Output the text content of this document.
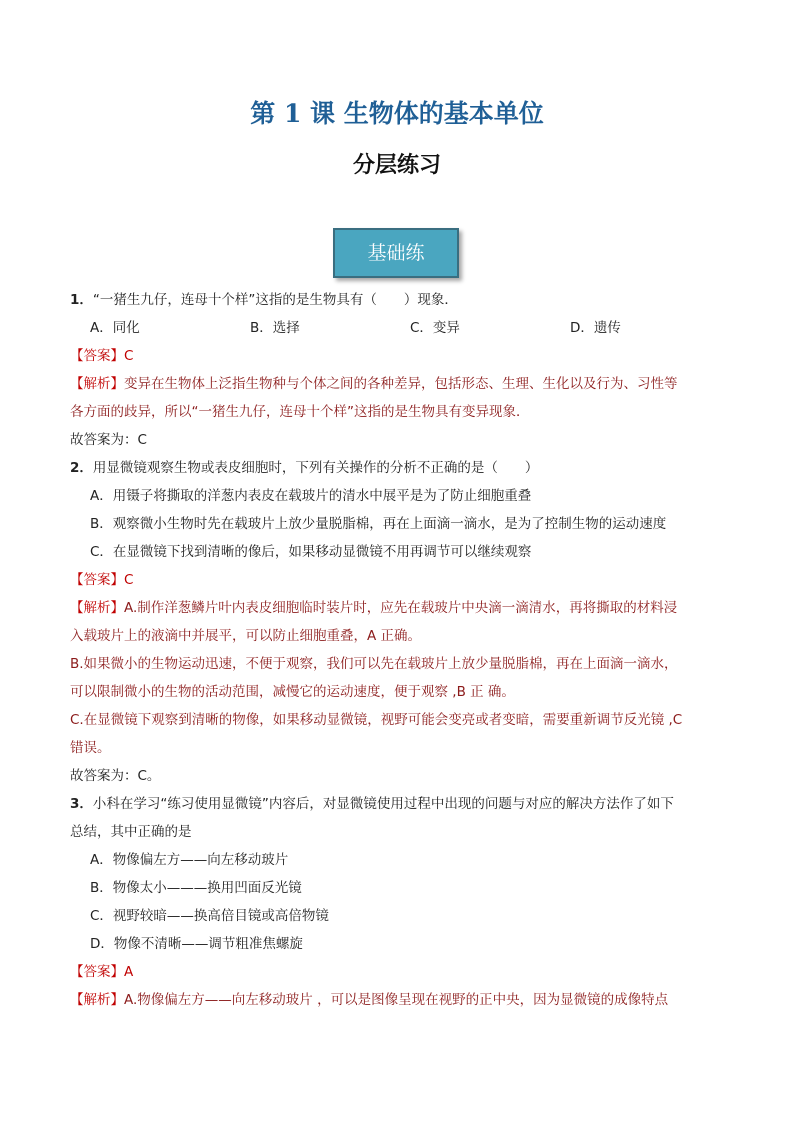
第 1 课 生物体的基本单位
分层练习
基础练
1．“一猪生九仔，连母十个样”这指的是生物具有（　　）现象．
A．同化	B．选择	C．变异	D．遗传
【答案】C
【解析】变异在生物体上泛指生物种与个体之间的各种差异，包括形态、生理、生化以及行为、习性等
各方面的歧异，所以“一猪生九仔，连母十个样”这指的是生物具有变异现象．
故答案为：C
2．用显微镜观察生物或表皮细胞时，下列有关操作的分析不正确的是（　　）
A．用镊子将撕取的洋葱内表皮在载玻片的清水中展平是为了防止细胞重叠
B．观察微小生物时先在载玻片上放少量脱脂棉，再在上面滴一滴水，是为了控制生物的运动速度
C．在显微镜下找到清晰的像后，如果移动显微镜不用再调节可以继续观察
【答案】C
【解析】A.制作洋葱鳞片叶内表皮细胞临时装片时，应先在载玻片中央滴一滴清水，再将撕取的材料浸
入载玻片上的液滴中并展平，可以防止细胞重叠，A 正确。
B.如果微小的生物运动迅速，不便于观察，我们可以先在载玻片上放少量脱脂棉，再在上面滴一滴水，
可以限制微小的生物的活动范围，减慢它的运动速度，便于观察 ,B 正 确。
C.在显微镜下观察到清晰的物像，如果移动显微镜，视野可能会变亮或者变暗，需要重新调节反光镜 ,C
错误。
故答案为：C。
3．小科在学习“练习使用显微镜”内容后，对显微镜使用过程中出现的问题与对应的解决方法作了如下
总结，其中正确的是
A．物像偏左方——向左移动玻片
B．物像太小———换用凹面反光镜
C．视野较暗——换高倍目镜或高倍物镜
D．物像不清晰——调节粗准焦螺旋
【答案】A
【解析】A.物像偏左方——向左移动玻片 ，可以是图像呈现在视野的正中央，因为显微镜的成像特点
